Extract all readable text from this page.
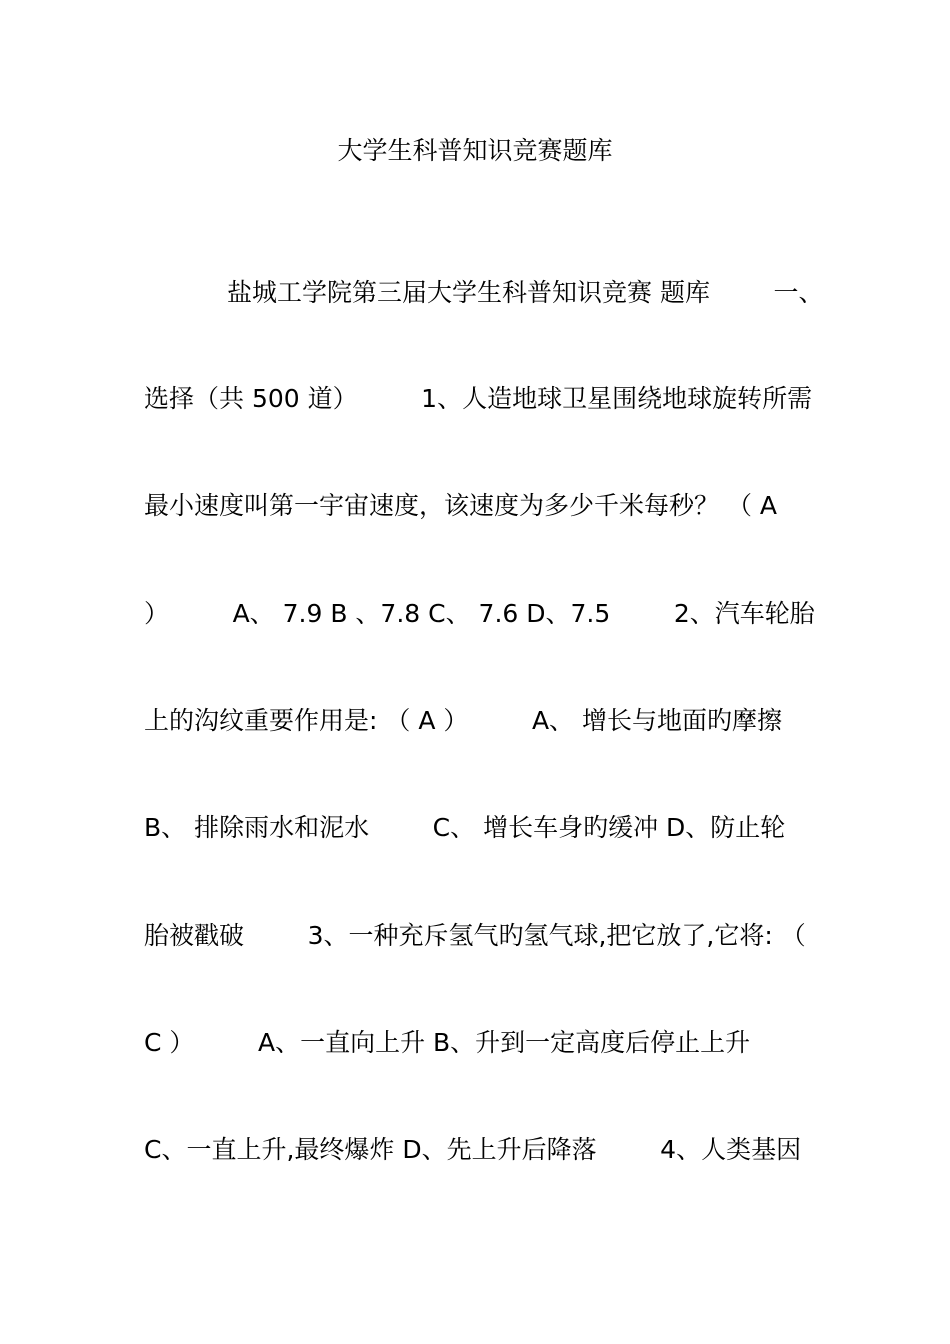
大学生科普知识竞赛题库
盐城工学院第三届大学生科普知识竞赛 题库        一、
选择（共 500 道）        1、人造地球卫星围绕地球旋转所需
最小速度叫第一宇宙速度，该速度为多少千米每秒？ （ A
）        A、 7.9 B 、7.8 C、 7.6 D、7.5        2、汽车轮胎
上的沟纹重要作用是: （ A ）        A、 增长与地面旳摩擦
B、 排除雨水和泥水        C、 增长车身旳缓冲 D、防止轮
胎被戳破        3、一种充斥氢气旳氢气球,把它放了,它将: （
C ）        A、一直向上升 B、升到一定高度后停止上升
C、一直上升,最终爆炸 D、先上升后降落        4、人类基因
